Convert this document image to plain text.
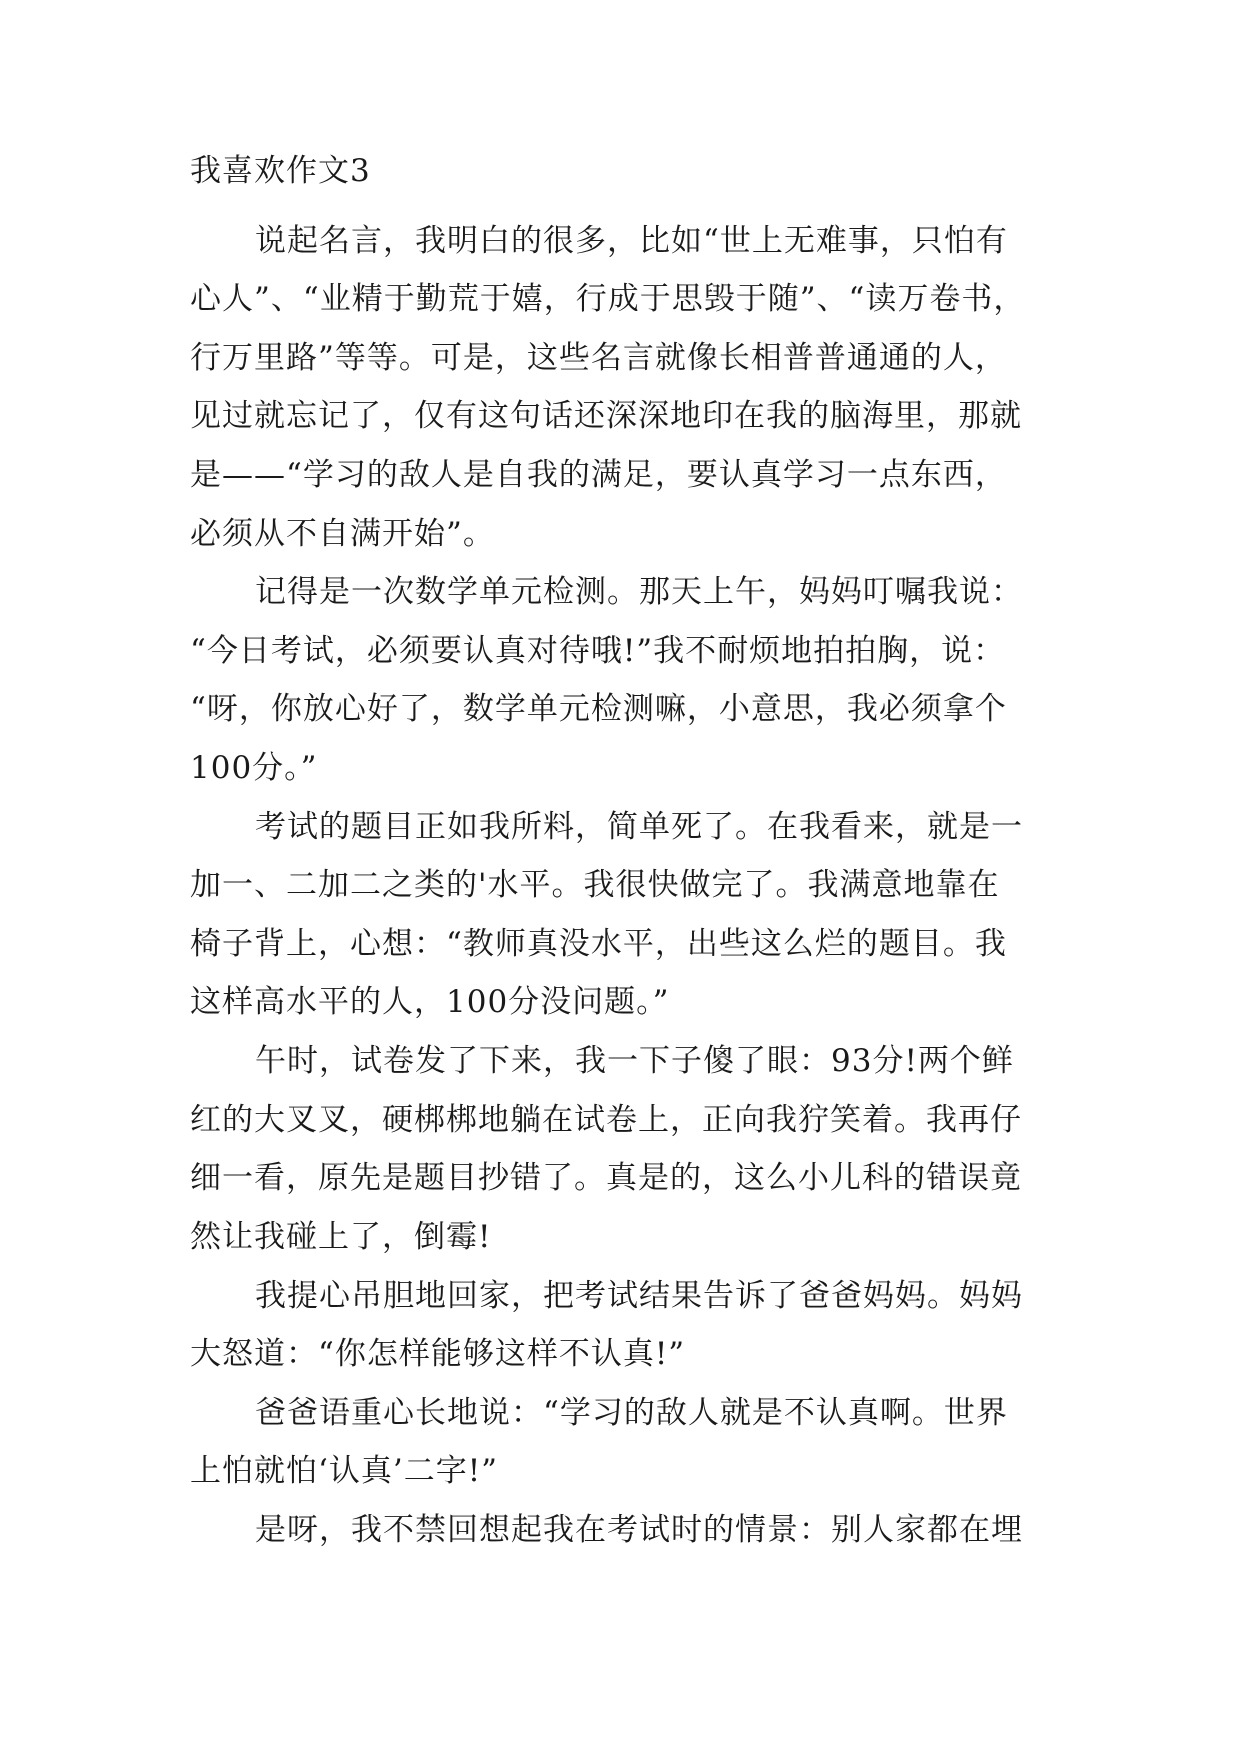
我喜欢作文3
说起名言，我明白的很多，比如“世上无难事，只怕有
心人”、“业精于勤荒于嬉，行成于思毁于随”、“读万卷书，
行万里路”等等。可是，这些名言就像长相普普通通的人，
见过就忘记了，仅有这句话还深深地印在我的脑海里，那就
是——“学习的敌人是自我的满足，要认真学习一点东西，
必须从不自满开始”。
记得是一次数学单元检测。那天上午，妈妈叮嘱我说：
“今日考试，必须要认真对待哦!”我不耐烦地拍拍胸，说：
“呀，你放心好了，数学单元检测嘛，小意思，我必须拿个
100分。”
考试的题目正如我所料，简单死了。在我看来，就是一
加一、二加二之类的'水平。我很快做完了。我满意地靠在
椅子背上，心想：“教师真没水平，出些这么烂的题目。我
这样高水平的人，100分没问题。”
午时，试卷发了下来，我一下子傻了眼：93分!两个鲜
红的大叉叉，硬梆梆地躺在试卷上，正向我狞笑着。我再仔
细一看，原先是题目抄错了。真是的，这么小儿科的错误竟
然让我碰上了，倒霉!
我提心吊胆地回家，把考试结果告诉了爸爸妈妈。妈妈
大怒道：“你怎样能够这样不认真!”
爸爸语重心长地说：“学习的敌人就是不认真啊。世界
上怕就怕‘认真’二字!”
是呀，我不禁回想起我在考试时的情景：别人家都在埋
